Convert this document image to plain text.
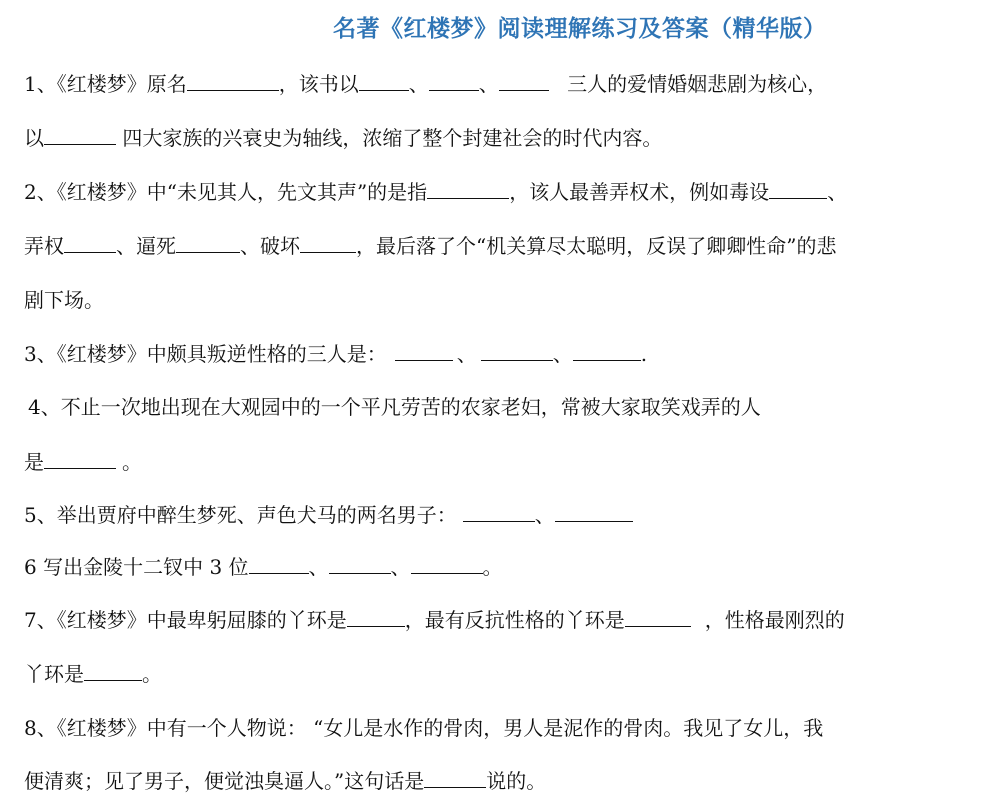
名著《红楼梦》阅读理解练习及答案（精华版）
1、《红楼梦》原名	，该书以	、	、	三人的爱情婚姻悲剧为核心，
以	四大家族的兴衰史为轴线，浓缩了整个封建社会的时代内容。
2、《红楼梦》中“未见其人，先文其声”的是指	，该人最善弄权术，例如毒设	、
弄权	、逼死	、破坏	，最后落了个“机关算尽太聪明，反误了卿卿性命”的悲
剧下场。
3、《红楼梦》中颇具叛逆性格的三人是：	、	、	.
4、不止一次地出现在大观园中的一个平凡劳苦的农家老妇，常被大家取笑戏弄的人
是	。
5、举出贾府中醉生梦死、声色犬马的两名男子：	、
6 写出金陵十二钗中 3 位	、	、	。
7、《红楼梦》中最卑躬屈膝的丫环是	，最有反抗性格的丫环是	，性格最刚烈的
丫环是	。
8、《红楼梦》中有一个人物说： “女儿是水作的骨肉，男人是泥作的骨肉。我见了女儿，我
便清爽；见了男子，便觉浊臭逼人。”这句话是	说的。
